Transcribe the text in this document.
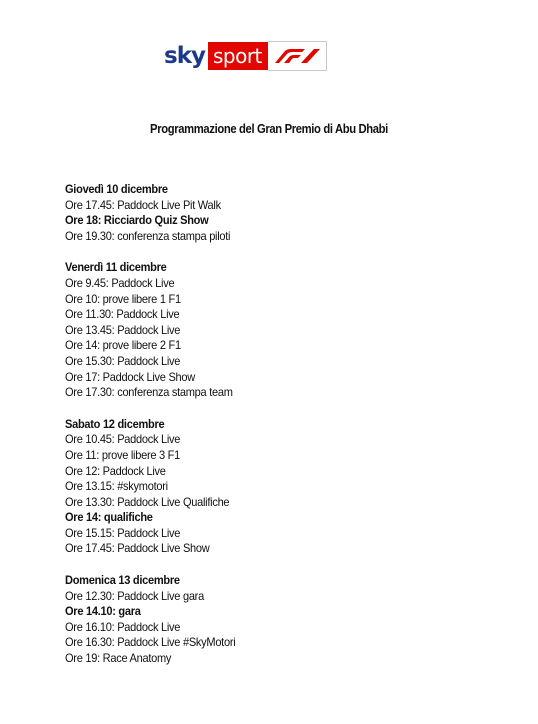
sky sport
Programmazione del Gran Premio di Abu Dhabi
Giovedì 10 dicembre
Ore 17.45: Paddock Live Pit Walk
Ore 18: Ricciardo Quiz Show
Ore 19.30: conferenza stampa piloti
Venerdì 11 dicembre
Ore 9.45: Paddock Live
Ore 10: prove libere 1 F1
Ore 11.30: Paddock Live
Ore 13.45: Paddock Live
Ore 14: prove libere 2 F1
Ore 15.30: Paddock Live
Ore 17: Paddock Live Show
Ore 17.30: conferenza stampa team
Sabato 12 dicembre
Ore 10.45: Paddock Live
Ore 11: prove libere 3 F1
Ore 12: Paddock Live
Ore 13.15: #skymotori
Ore 13.30: Paddock Live Qualifiche
Ore 14: qualifiche
Ore 15.15: Paddock Live
Ore 17.45: Paddock Live Show
Domenica 13 dicembre
Ore 12.30: Paddock Live gara
Ore 14.10: gara
Ore 16.10: Paddock Live
Ore 16.30: Paddock Live #SkyMotori
Ore 19: Race Anatomy
